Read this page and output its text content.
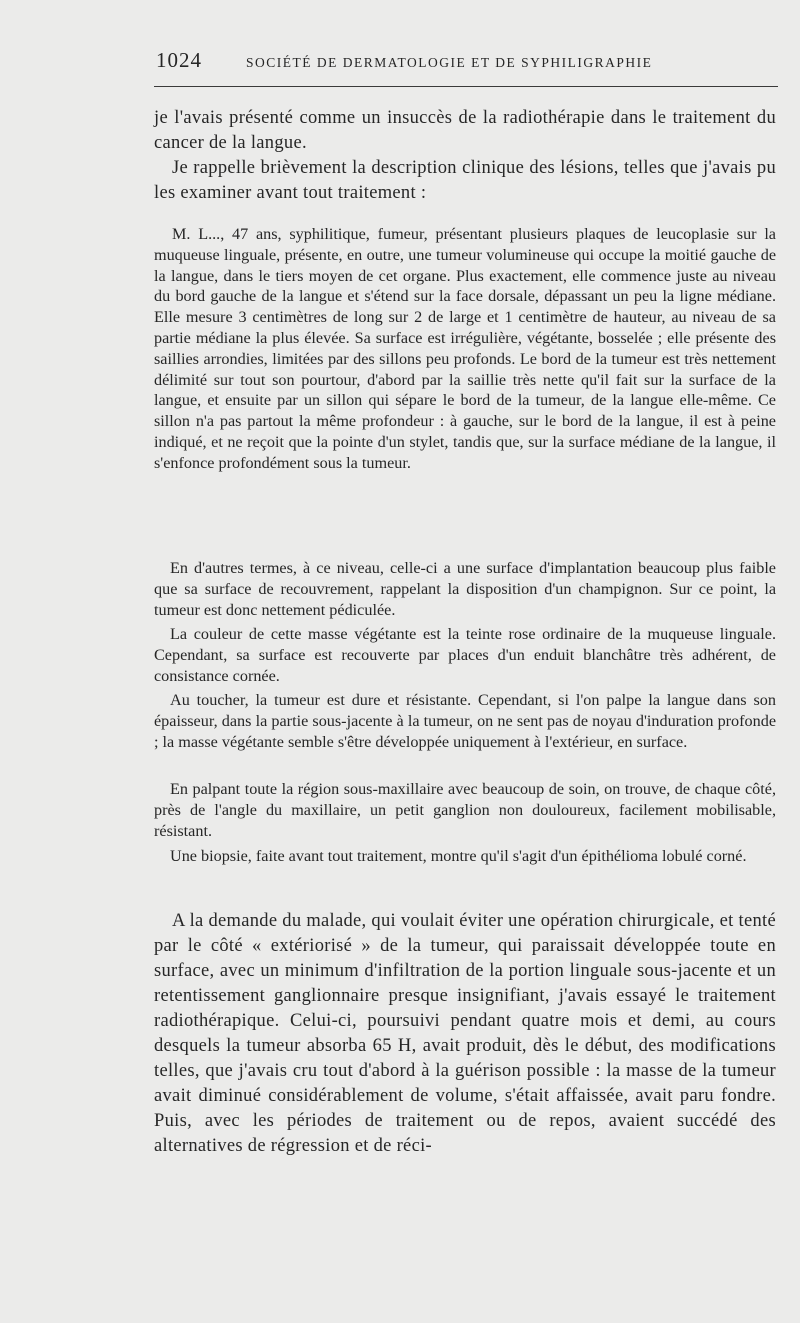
1024	SOCIÉTÉ DE DERMATOLOGIE ET DE SYPHILIGRAPHIE

je l'avais présenté comme un insuccès de la radiothérapie dans le traitement du cancer de la langue.

Je rappelle brièvement la description clinique des lésions, telles que j'avais pu les examiner avant tout traitement :

M. L..., 47 ans, syphilitique, fumeur, présentant plusieurs plaques de leucoplasie sur la muqueuse linguale, présente, en outre, une tumeur volumineuse qui occupe la moitié gauche de la langue, dans le tiers moyen de cet organe. Plus exactement, elle commence juste au niveau du bord gauche de la langue et s'étend sur la face dorsale, dépassant un peu la ligne médiane. Elle mesure 3 centimètres de long sur 2 de large et 1 centimètre de hauteur, au niveau de sa partie médiane la plus élevée. Sa surface est irrégulière, végétante, bosselée ; elle présente des saillies arrondies, limitées par des sillons peu profonds. Le bord de la tumeur est très nettement délimité sur tout son pourtour, d'abord par la saillie très nette qu'il fait sur la surface de la langue, et ensuite par un sillon qui sépare le bord de la tumeur, de la langue elle-même. Ce sillon n'a pas partout la même profondeur : à gauche, sur le bord de la langue, il est à peine indiqué, et ne reçoit que la pointe d'un stylet, tandis que, sur la surface médiane de la langue, il s'enfonce profondément sous la tumeur.

En d'autres termes, à ce niveau, celle-ci a une surface d'implantation beaucoup plus faible que sa surface de recouvrement, rappelant la disposition d'un champignon. Sur ce point, la tumeur est donc nettement pédiculée.

La couleur de cette masse végétante est la teinte rose ordinaire de la muqueuse linguale. Cependant, sa surface est recouverte par places d'un enduit blanchâtre très adhérent, de consistance cornée.

Au toucher, la tumeur est dure et résistante. Cependant, si l'on palpe la langue dans son épaisseur, dans la partie sous-jacente à la tumeur, on ne sent pas de noyau d'induration profonde ; la masse végétante semble s'être développée uniquement à l'extérieur, en surface.

En palpant toute la région sous-maxillaire avec beaucoup de soin, on trouve, de chaque côté, près de l'angle du maxillaire, un petit ganglion non douloureux, facilement mobilisable, résistant.

Une biopsie, faite avant tout traitement, montre qu'il s'agit d'un épithélioma lobulé corné.

A la demande du malade, qui voulait éviter une opération chirurgicale, et tenté par le côté « extériorisé » de la tumeur, qui paraissait développée toute en surface, avec un minimum d'infiltration de la portion linguale sous-jacente et un retentissement ganglionnaire presque insignifiant, j'avais essayé le traitement radiothérapique. Celui-ci, poursuivi pendant quatre mois et demi, au cours desquels la tumeur absorba 65 H, avait produit, dès le début, des modifications telles, que j'avais cru tout d'abord à la guérison possible : la masse de la tumeur avait diminué considérablement de volume, s'était affaissée, avait paru fondre. Puis, avec les périodes de traitement ou de repos, avaient succédé des alternatives de régression et de réci-
